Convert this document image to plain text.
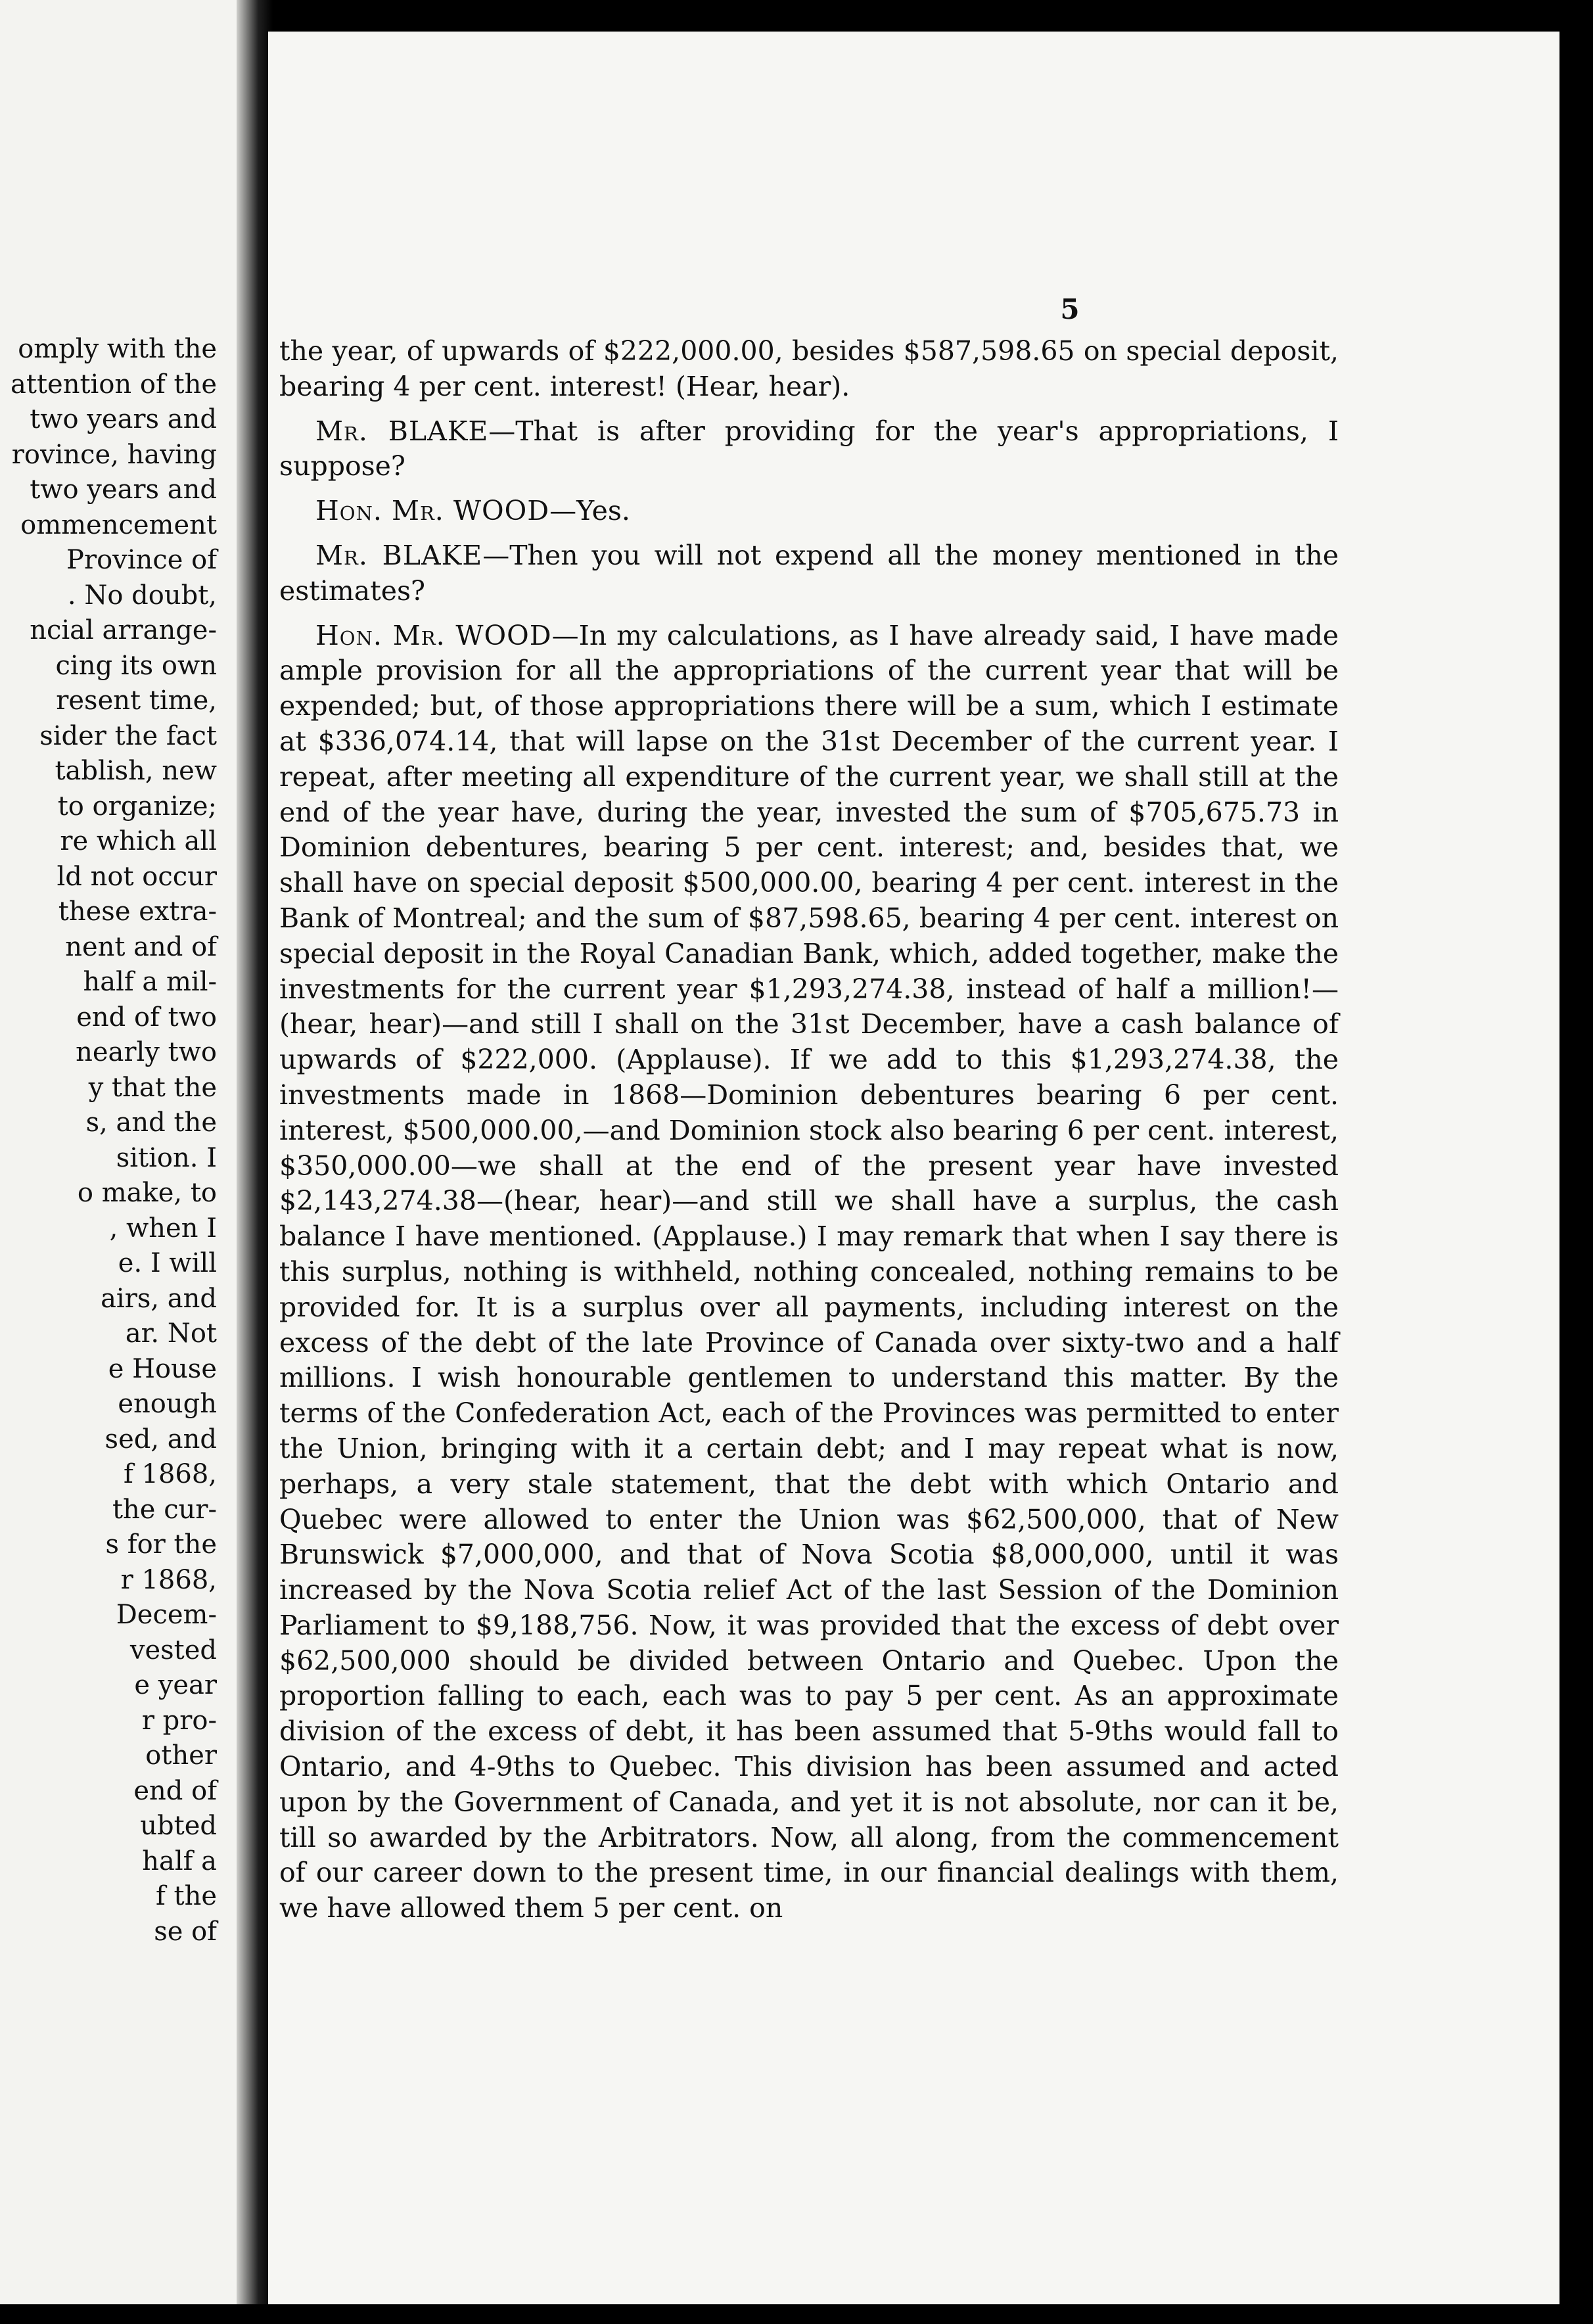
omply with the
attention of the
two years and
rovince, having
two years and
ommencement
Province of
. No doubt,
ncial arrange-
cing its own
resent time,
sider the fact
tablish, new
to organize;
re which all
ld not occur
these extra-
nent and of
half a mil-
end of two
nearly two
y that the
s, and the
sition. I
o make, to
, when I
e. I will
airs, and
ar. Not
e House
enough
sed, and
f 1868,
the cur-
s for the
r 1868,
Decem-
vested
e year
r pro-
other
end of
ubted
half a
f the
se of
5

the year, of upwards of $222,000.00, besides $587,598.65 on special deposit, bearing 4 per cent. interest! (Hear, hear).

Mr. BLAKE—That is after providing for the year's appropriations, I suppose?

Hon. Mr. WOOD—Yes.

Mr. BLAKE—Then you will not expend all the money mentioned in the estimates?

Hon. Mr. WOOD—In my calculations, as I have already said, I have made ample provision for all the appropriations of the current year that will be expended; but, of those appropriations there will be a sum, which I estimate at $336,074.14, that will lapse on the 31st December of the current year. I repeat, after meeting all expenditure of the current year, we shall still at the end of the year have, during the year, invested the sum of $705,675.73 in Dominion debentures, bearing 5 per cent. interest; and, besides that, we shall have on special deposit $500,000.00, bearing 4 per cent. interest in the Bank of Montreal; and the sum of $87,598.65, bearing 4 per cent. interest on special deposit in the Royal Canadian Bank, which, added together, make the investments for the current year $1,293,274.38, instead of half a million!—(hear, hear)—and still I shall on the 31st December, have a cash balance of upwards of $222,000. (Applause). If we add to this $1,293,274.38, the investments made in 1868—Dominion debentures bearing 6 per cent. interest, $500,000.00,—and Dominion stock also bearing 6 per cent. interest, $350,000.00—we shall at the end of the present year have invested $2,143,274.38—(hear, hear)—and still we shall have a surplus, the cash balance I have mentioned. (Applause.) I may remark that when I say there is this surplus, nothing is withheld, nothing concealed, nothing remains to be provided for. It is a surplus over all payments, including interest on the excess of the debt of the late Province of Canada over sixty-two and a half millions. I wish honourable gentlemen to understand this matter. By the terms of the Confederation Act, each of the Provinces was permitted to enter the Union, bringing with it a certain debt; and I may repeat what is now, perhaps, a very stale statement, that the debt with which Ontario and Quebec were allowed to enter the Union was $62,500,000, that of New Brunswick $7,000,000, and that of Nova Scotia $8,000,000, until it was increased by the Nova Scotia relief Act of the last Session of the Dominion Parliament to $9,188,756. Now, it was provided that the excess of debt over $62,500,000 should be divided between Ontario and Quebec. Upon the proportion falling to each, each was to pay 5 per cent. As an approximate division of the excess of debt, it has been assumed that 5-9ths would fall to Ontario, and 4-9ths to Quebec. This division has been assumed and acted upon by the Government of Canada, and yet it is not absolute, nor can it be, till so awarded by the Arbitrators. Now, all along, from the commencement of our career down to the present time, in our financial dealings with them, we have allowed them 5 per cent. on
